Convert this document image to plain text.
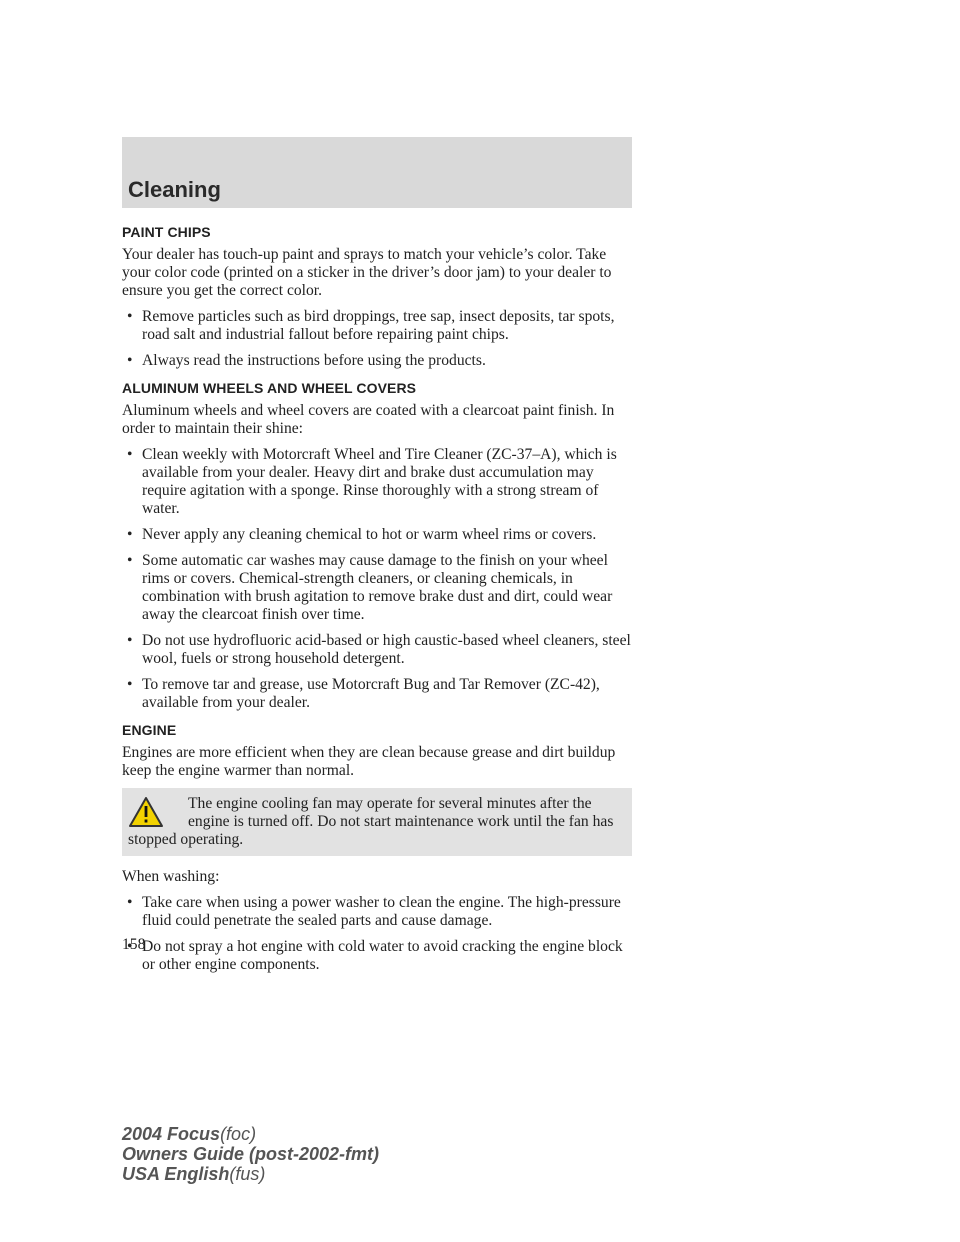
Cleaning
PAINT CHIPS

Your dealer has touch-up paint and sprays to match your vehicle’s color. Take your color code (printed on a sticker in the driver’s door jam) to your dealer to ensure you get the correct color.

• Remove particles such as bird droppings, tree sap, insect deposits, tar spots, road salt and industrial fallout before repairing paint chips.
• Always read the instructions before using the products.
ALUMINUM WHEELS AND WHEEL COVERS

Aluminum wheels and wheel covers are coated with a clearcoat paint finish. In order to maintain their shine:

• Clean weekly with Motorcraft Wheel and Tire Cleaner (ZC-37–A), which is available from your dealer. Heavy dirt and brake dust accumulation may require agitation with a sponge. Rinse thoroughly with a strong stream of water.
• Never apply any cleaning chemical to hot or warm wheel rims or covers.
• Some automatic car washes may cause damage to the finish on your wheel rims or covers. Chemical-strength cleaners, or cleaning chemicals, in combination with brush agitation to remove brake dust and dirt, could wear away the clearcoat finish over time.
• Do not use hydrofluoric acid-based or high caustic-based wheel cleaners, steel wool, fuels or strong household detergent.
• To remove tar and grease, use Motorcraft Bug and Tar Remover (ZC-42), available from your dealer.
ENGINE

Engines are more efficient when they are clean because grease and dirt buildup keep the engine warmer than normal.

The engine cooling fan may operate for several minutes after the engine is turned off. Do not start maintenance work until the fan has stopped operating.

When washing:

• Take care when using a power washer to clean the engine. The high-pressure fluid could penetrate the sealed parts and cause damage.
• Do not spray a hot engine with cold water to avoid cracking the engine block or other engine components.
158
2004 Focus(foc)
Owners Guide (post-2002-fmt)
USA English(fus)
